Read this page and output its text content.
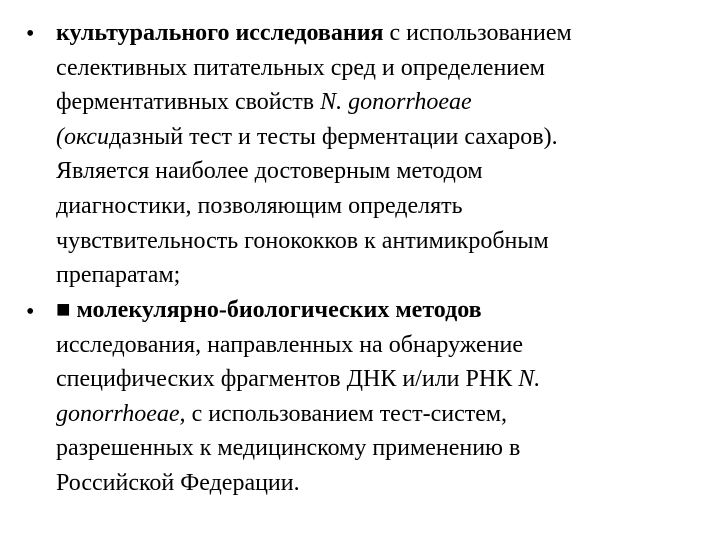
• культурального исследования с использованием
селективных питательных сред и определением
ферментативных свойств N. gonorrhoeae
(оксидазный тест и тесты ферментации сахаров).
Является наиболее достоверным методом
диагностики, позволяющим определять
чувствительность гонококков к антимикробным
препаратам;
• ■ молекулярно-биологических методов
исследования, направленных на обнаружение
специфических фрагментов ДНК и/или РНК N.
gonorrhoeae, с использованием тест-систем,
разрешенных к медицинскому применению в
Российской Федерации.
